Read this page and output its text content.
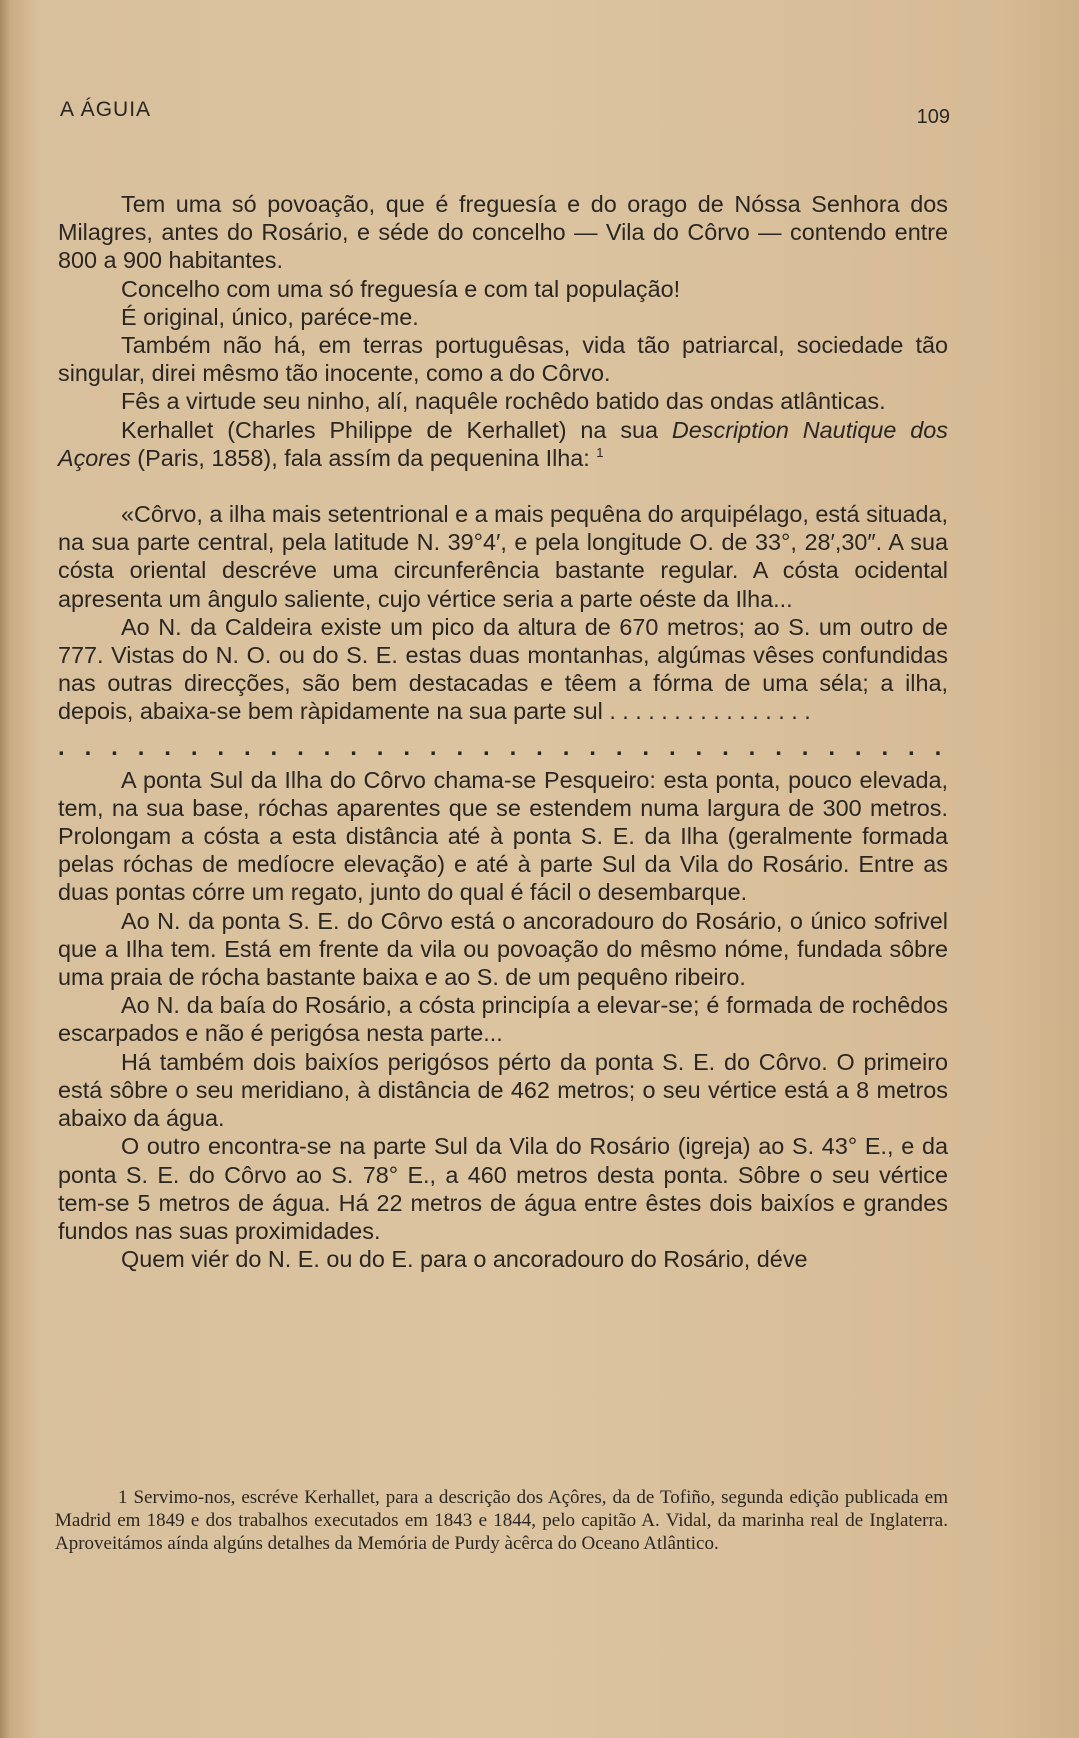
A ÁGUIA	109

Tem uma só povoação, que é freguesía e do orago de Nóssa Senhora dos Milagres, antes do Rosário, e séde do concelho — Vila do Côrvo — contendo entre 800 a 900 habitantes.

Concelho com uma só freguesía e com tal população!

É original, único, paréce-me.

Também não há, em terras portuguêsas, vida tão patriarcal, sociedade tão singular, direi mêsmo tão inocente, como a do Côrvo.

Fês a virtude seu ninho, alí, naquêle rochêdo batido das ondas atlânticas.

Kerhallet (Charles Philippe de Kerhallet) na sua Description Nautique dos Açores (Paris, 1858), fala assím da pequenina Ilha: $^1$

«Côrvo, a ilha mais setentrional e a mais pequêna do arquipélago, está situada, na sua parte central, pela latitude N. 39°4′, e pela longitude O. de 33°, 28′,30″. A sua cósta oriental descréve uma circunferência bastante regular. A cósta ocidental apresenta um ângulo saliente, cujo vértice seria a parte oéste da Ilha...

Ao N. da Caldeira existe um pico da altura de 670 metros; ao S. um outro de 777. Vistas do N. O. ou do S. E. estas duas montanhas, algúmas vêses confundidas nas outras direcções, são bem destacadas e têem a fórma de uma séla; a ilha, depois, abaixa-se bem ràpidamente na sua parte sul . . . . . . . . . . . . . . . .

. . . . . . . . . . . . . . . . . . . . . . . . . . . . . . . . . .

A ponta Sul da Ilha do Côrvo chama-se Pesqueiro: esta ponta, pouco elevada, tem, na sua base, róchas aparentes que se estendem numa largura de 300 metros. Prolongam a cósta a esta distância até à ponta S. E. da Ilha (geralmente formada pelas róchas de medíocre elevação) e até à parte Sul da Vila do Rosário. Entre as duas pontas córre um regato, junto do qual é fácil o desembarque.

Ao N. da ponta S. E. do Côrvo está o ancoradouro do Rosário, o único sofrivel que a Ilha tem. Está em frente da vila ou povoação do mêsmo nóme, fundada sôbre uma praia de rócha bastante baixa e ao S. de um pequêno ribeiro.

Ao N. da baía do Rosário, a cósta principía a elevar-se; é formada de rochêdos escarpados e não é perigósa nesta parte...

Há também dois baixíos perigósos pérto da ponta S. E. do Côrvo. O primeiro está sôbre o seu meridiano, à distância de 462 metros; o seu vértice está a 8 metros abaixo da água.

O outro encontra-se na parte Sul da Vila do Rosário (igreja) ao S. 43° E., e da ponta S. E. do Côrvo ao S. 78° E., a 460 metros desta ponta. Sôbre o seu vértice tem-se 5 metros de água. Há 22 metros de água entre êstes dois baixíos e grandes fundos nas suas proximidades.

Quem viér do N. E. ou do E. para o ancoradouro do Rosário, déve

1 Servimo-nos, escréve Kerhallet, para a descrição dos Açôres, da de Tofiño, segunda edição publicada em Madrid em 1849 e dos trabalhos executados em 1843 e 1844, pelo capitão A. Vidal, da marinha real de Inglaterra. Aproveitámos aínda algúns detalhes da Memória de Purdy àcêrca do Oceano Atlântico.
